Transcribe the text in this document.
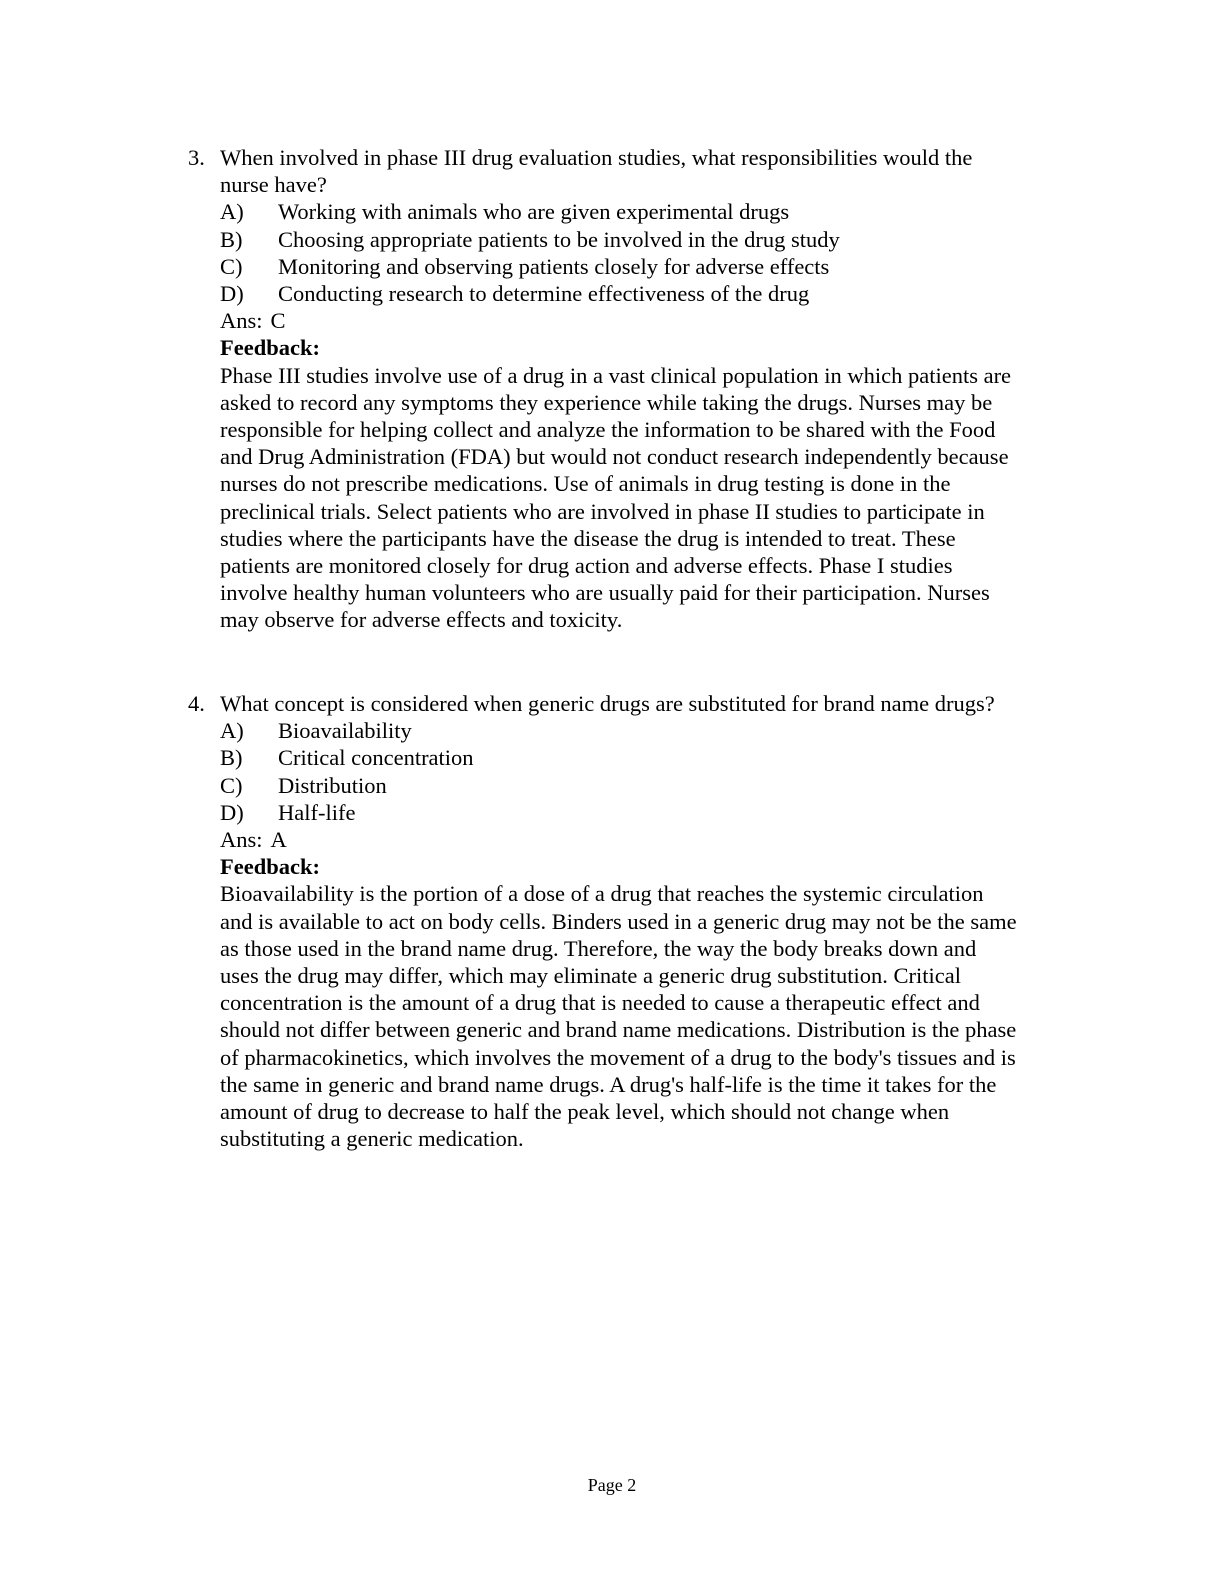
3. When involved in phase III drug evaluation studies, what responsibilities would the
nurse have?
A)	Working with animals who are given experimental drugs
B)	Choosing appropriate patients to be involved in the drug study
C)	Monitoring and observing patients closely for adverse effects
D)	Conducting research to determine effectiveness of the drug
Ans: C
Feedback:
Phase III studies involve use of a drug in a vast clinical population in which patients are
asked to record any symptoms they experience while taking the drugs. Nurses may be
responsible for helping collect and analyze the information to be shared with the Food
and Drug Administration (FDA) but would not conduct research independently because
nurses do not prescribe medications. Use of animals in drug testing is done in the
preclinical trials. Select patients who are involved in phase II studies to participate in
studies where the participants have the disease the drug is intended to treat. These
patients are monitored closely for drug action and adverse effects. Phase I studies
involve healthy human volunteers who are usually paid for their participation. Nurses
may observe for adverse effects and toxicity.
4. What concept is considered when generic drugs are substituted for brand name drugs?
A)	Bioavailability
B)	Critical concentration
C)	Distribution
D)	Half-life
Ans: A
Feedback:
Bioavailability is the portion of a dose of a drug that reaches the systemic circulation
and is available to act on body cells. Binders used in a generic drug may not be the same
as those used in the brand name drug. Therefore, the way the body breaks down and
uses the drug may differ, which may eliminate a generic drug substitution. Critical
concentration is the amount of a drug that is needed to cause a therapeutic effect and
should not differ between generic and brand name medications. Distribution is the phase
of pharmacokinetics, which involves the movement of a drug to the body's tissues and is
the same in generic and brand name drugs. A drug's half-life is the time it takes for the
amount of drug to decrease to half the peak level, which should not change when
substituting a generic medication.
Page 2
